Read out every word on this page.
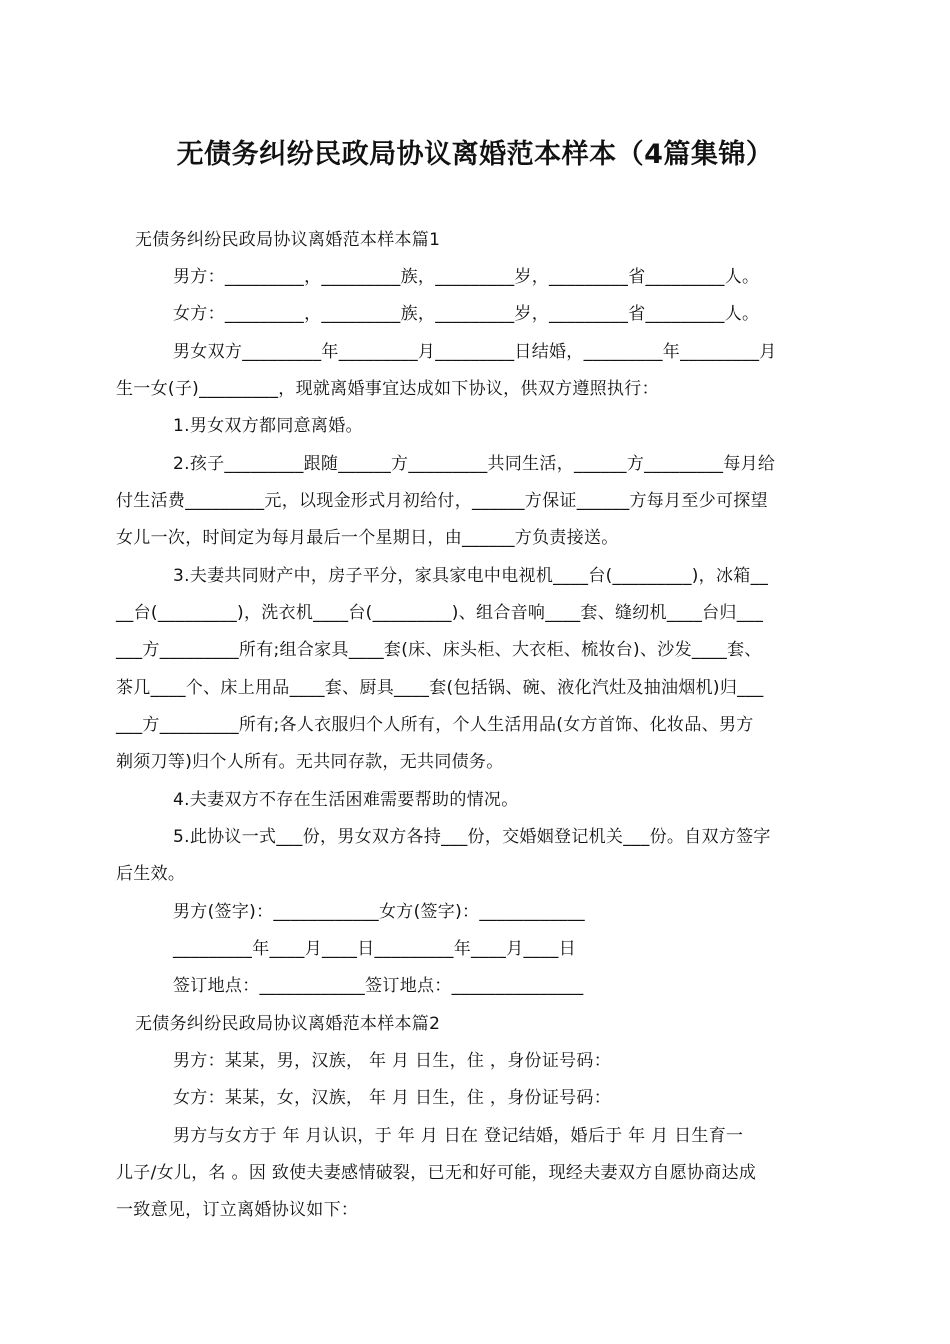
无债务纠纷民政局协议离婚范本样本（4篇集锦）
无债务纠纷民政局协议离婚范本样本篇1
男方：_________，_________族，_________岁，_________省_________人。
女方：_________，_________族，_________岁，_________省_________人。
男女双方_________年_________月_________日结婚，_________年_________月
生一女(子)_________，现就离婚事宜达成如下协议，供双方遵照执行：
1.男女双方都同意离婚。
2.孩子_________跟随______方_________共同生活，______方_________每月给
付生活费_________元，以现金形式月初给付，______方保证______方每月至少可探望
女儿一次，时间定为每月最后一个星期日，由______方负责接送。
3.夫妻共同财产中，房子平分，家具家电中电视机____台(_________)，冰箱__
__台(_________)，洗衣机____台(_________)、组合音响____套、缝纫机____台归___
___方_________所有;组合家具____套(床、床头柜、大衣柜、梳妆台)、沙发____套、
茶几____个、床上用品____套、厨具____套(包括锅、碗、液化汽灶及抽油烟机)归___
___方_________所有;各人衣服归个人所有，个人生活用品(女方首饰、化妆品、男方
剃须刀等)归个人所有。无共同存款，无共同债务。
4.夫妻双方不存在生活困难需要帮助的情况。
5.此协议一式___份，男女双方各持___份，交婚姻登记机关___份。自双方签字
后生效。
男方(签字)：____________女方(签字)：____________
_________年____月____日_________年____月____日
签订地点：____________签订地点：_______________
无债务纠纷民政局协议离婚范本样本篇2
男方：某某，男，汉族， 年 月 日生，住 ，身份证号码：
女方：某某，女，汉族， 年 月 日生，住 ，身份证号码：
男方与女方于 年 月认识，于 年 月 日在 登记结婚，婚后于 年 月 日生育一
儿子/女儿，名 。因 致使夫妻感情破裂，已无和好可能，现经夫妻双方自愿协商达成
一致意见，订立离婚协议如下：
